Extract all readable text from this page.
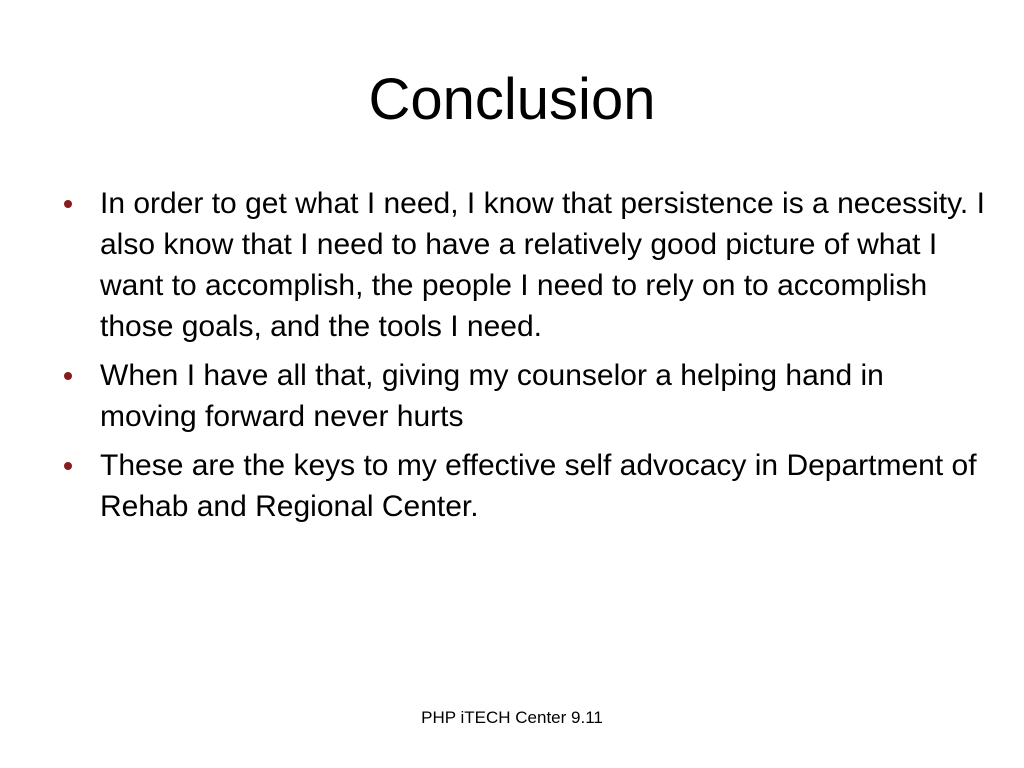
Conclusion
In order to get what I need, I know that persistence is a necessity. I also know that I need to have a relatively good picture of what I want to accomplish, the people I need to rely on to accomplish those goals, and the tools I need.
When I have all that, giving my counselor a helping hand in moving forward never hurts
These are the keys to my effective self advocacy in Department of Rehab and Regional Center.
PHP iTECH Center 9.11
